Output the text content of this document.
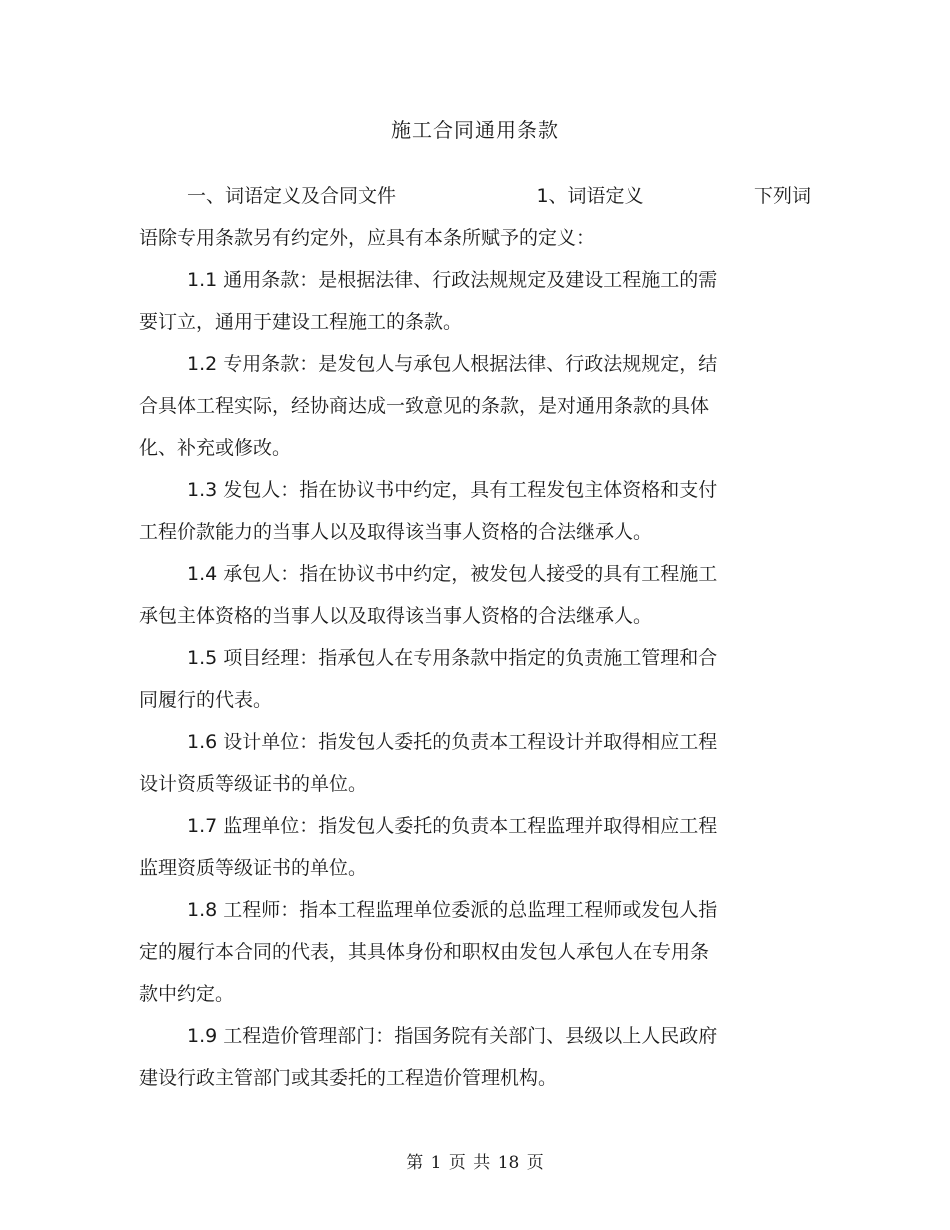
施工合同通用条款
一、词语定义及合同文件	1、词语定义	下列词
语除专用条款另有约定外，应具有本条所赋予的定义：
1.1 通用条款：是根据法律、行政法规规定及建设工程施工的需
要订立，通用于建设工程施工的条款。
1.2 专用条款：是发包人与承包人根据法律、行政法规规定，结
合具体工程实际，经协商达成一致意见的条款，是对通用条款的具体
化、补充或修改。
1.3 发包人：指在协议书中约定，具有工程发包主体资格和支付
工程价款能力的当事人以及取得该当事人资格的合法继承人。
1.4 承包人：指在协议书中约定，被发包人接受的具有工程施工
承包主体资格的当事人以及取得该当事人资格的合法继承人。
1.5 项目经理：指承包人在专用条款中指定的负责施工管理和合
同履行的代表。
1.6 设计单位：指发包人委托的负责本工程设计并取得相应工程
设计资质等级证书的单位。
1.7 监理单位：指发包人委托的负责本工程监理并取得相应工程
监理资质等级证书的单位。
1.8 工程师：指本工程监理单位委派的总监理工程师或发包人指
定的履行本合同的代表，其具体身份和职权由发包人承包人在专用条
款中约定。
1.9 工程造价管理部门：指国务院有关部门、县级以上人民政府
建设行政主管部门或其委托的工程造价管理机构。
第 1 页 共 18 页
